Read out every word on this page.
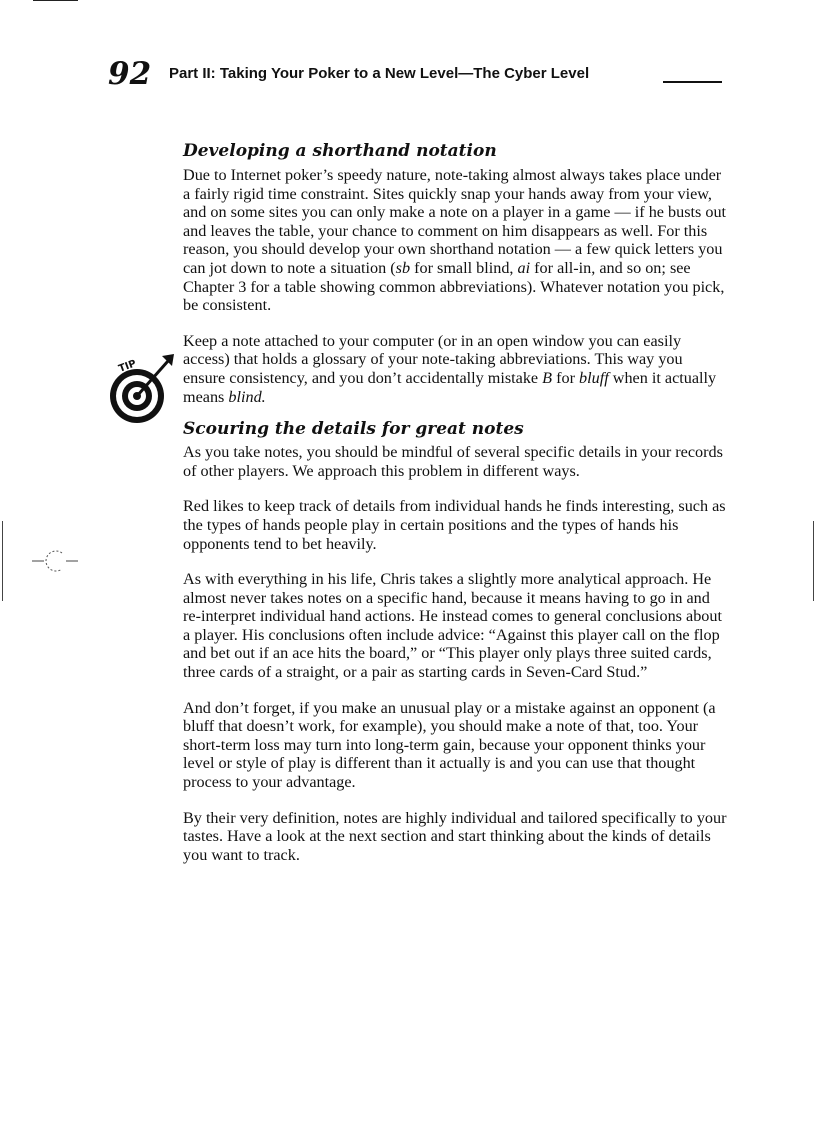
92 Part II: Taking Your Poker to a New Level—The Cyber Level
TIP
Developing a shorthand notation

Due to Internet poker’s speedy nature, note-taking almost always takes place under a fairly rigid time constraint. Sites quickly snap your hands away from your view, and on some sites you can only make a note on a player in a game — if he busts out and leaves the table, your chance to comment on him disappears as well. For this reason, you should develop your own shorthand notation — a few quick letters you can jot down to note a situation (sb for small blind, ai for all-in, and so on; see Chapter 3 for a table showing common abbreviations). Whatever notation you pick, be consistent.

Keep a note attached to your computer (or in an open window you can easily access) that holds a glossary of your note-taking abbreviations. This way you ensure consistency, and you don’t accidentally mistake B for bluff when it actually means blind.

Scouring the details for great notes

As you take notes, you should be mindful of several specific details in your records of other players. We approach this problem in different ways.

Red likes to keep track of details from individual hands he finds interesting, such as the types of hands people play in certain positions and the types of hands his opponents tend to bet heavily.

As with everything in his life, Chris takes a slightly more analytical approach. He almost never takes notes on a specific hand, because it means having to go in and re-interpret individual hand actions. He instead comes to general conclusions about a player. His conclusions often include advice: “Against this player call on the flop and bet out if an ace hits the board,” or “This player only plays three suited cards, three cards of a straight, or a pair as starting cards in Seven-Card Stud.”

And don’t forget, if you make an unusual play or a mistake against an opponent (a bluff that doesn’t work, for example), you should make a note of that, too. Your short-term loss may turn into long-term gain, because your opponent thinks your level or style of play is different than it actually is and you can use that thought process to your advantage.

By their very definition, notes are highly individual and tailored specifically to your tastes. Have a look at the next section and start thinking about the kinds of details you want to track.
